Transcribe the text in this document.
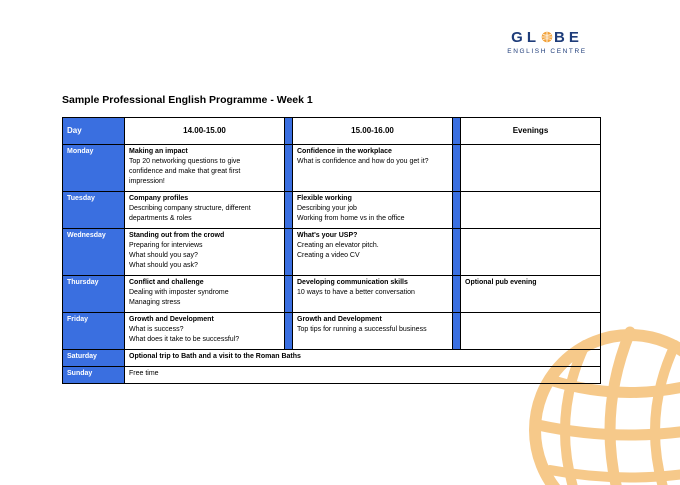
GL BE
ENGLISH CENTRE
Sample Professional English Programme - Week 1
Day	14.00-15.00		15.00-16.00		Evenings
Monday	Making an impact
Top 20 networking questions to give
confidence and make that great first
impression!		Confidence in the workplace
What is confidence and how do you get it?		

Tuesday	Company profiles
Describing company structure, different
departments & roles		Flexible working
Describing your job
Working from home vs in the office		

Wednesday	Standing out from the crowd
Preparing for interviews
What should you say?
What should you ask?		What's your USP?
Creating an elevator pitch.
Creating a video CV		

Thursday	Conflict and challenge
Dealing with imposter syndrome
Managing stress		Developing communication skills
10 ways to have a better conversation		Optional pub evening

Friday	Growth and Development
What is success?
What does it take to be successful?		Growth and Development
Top tips for running a successful business		

Saturday	Optional trip to Bath and a visit to the Roman Baths				

Sunday	Free time				
